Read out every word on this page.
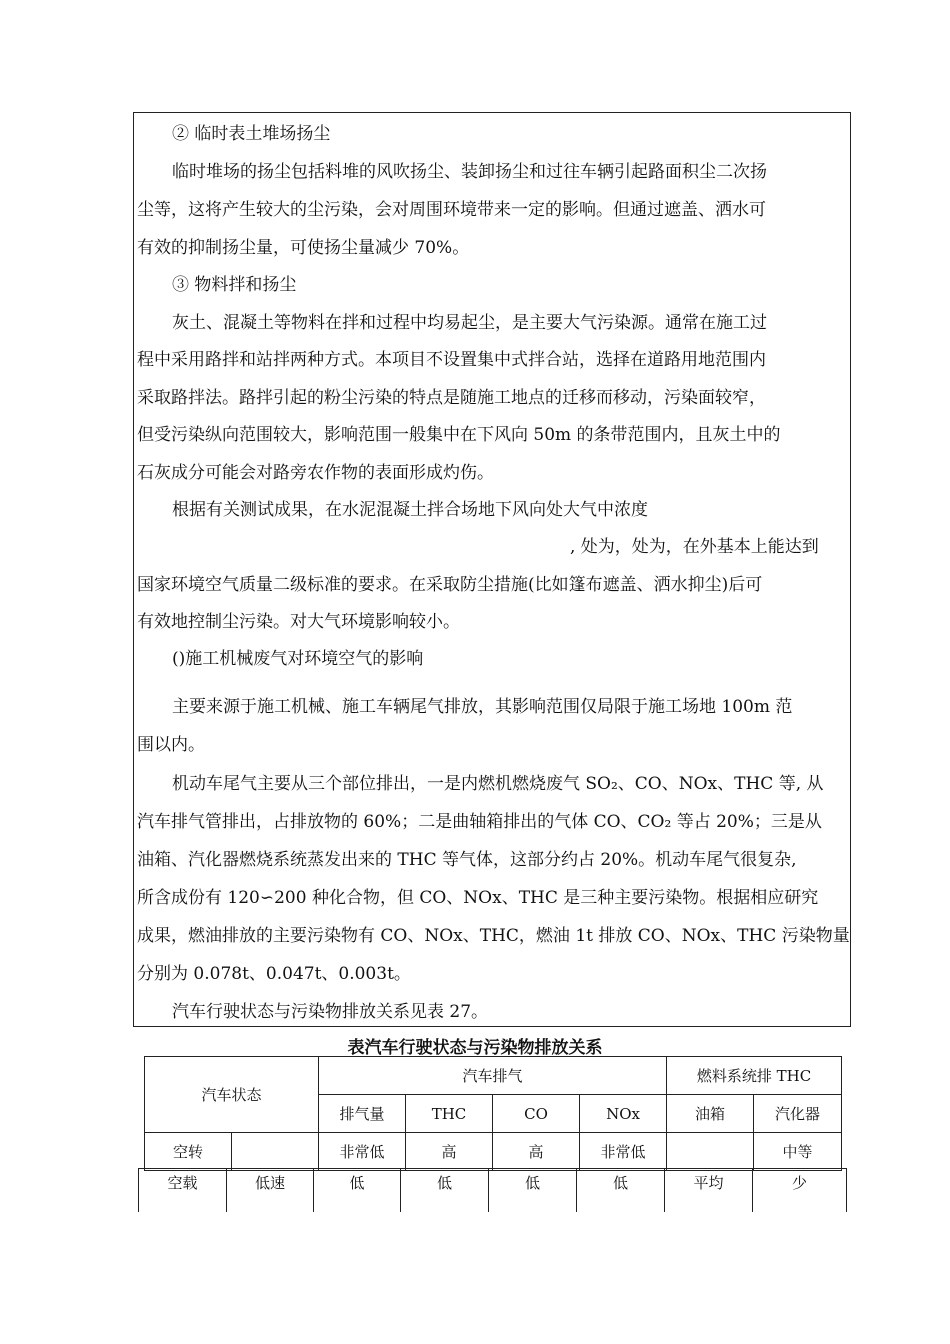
② 临时表土堆场扬尘
临时堆场的扬尘包括料堆的风吹扬尘、装卸扬尘和过往车辆引起路面积尘二次扬
尘等，这将产生较大的尘污染，会对周围环境带来一定的影响。但通过遮盖、洒水可
有效的抑制扬尘量，可使扬尘量减少 70%。
③ 物料拌和扬尘
灰土、混凝土等物料在拌和过程中均易起尘，是主要大气污染源。通常在施工过
程中采用路拌和站拌两种方式。本项目不设置集中式拌合站，选择在道路用地范围内
采取路拌法。路拌引起的粉尘污染的特点是随施工地点的迁移而移动，污染面较窄，
但受污染纵向范围较大，影响范围一般集中在下风向 50m 的条带范围内，且灰土中的
石灰成分可能会对路旁农作物的表面形成灼伤。
根据有关测试成果，在水泥混凝土拌合场地下风向处大气中浓度
, 处为，处为，在外基本上能达到
国家环境空气质量二级标准的要求。在采取防尘措施(比如篷布遮盖、洒水抑尘)后可
有效地控制尘污染。对大气环境影响较小。
()施工机械废气对环境空气的影响
主要来源于施工机械、施工车辆尾气排放，其影响范围仅局限于施工场地 100m 范
围以内。
机动车尾气主要从三个部位排出，一是内燃机燃烧废气 SO₂、CO、NOx、THC 等, 从
汽车排气管排出，占排放物的 60%；二是曲轴箱排出的气体 CO、CO₂ 等占 20%；三是从
油箱、汽化器燃烧系统蒸发出来的 THC 等气体，这部分约占 20%。机动车尾气很复杂,
所含成份有 120∽200 种化合物，但 CO、NOx、THC 是三种主要污染物。根据相应研究
成果，燃油排放的主要污染物有 CO、NOx、THC，燃油 1t 排放 CO、NOx、THC 污染物量
分别为 0.078t、0.047t、0.003t。
汽车行驶状态与污染物排放关系见表 27。
表汽车行驶状态与污染物排放关系
汽车状态		汽车排气				燃料系统排 THC	
		排气量	THC	CO	NOx	油箱	汽化器
空转		非常低	高	高	非常低		中等
空载	低速	低	低	低	低	平均	少
